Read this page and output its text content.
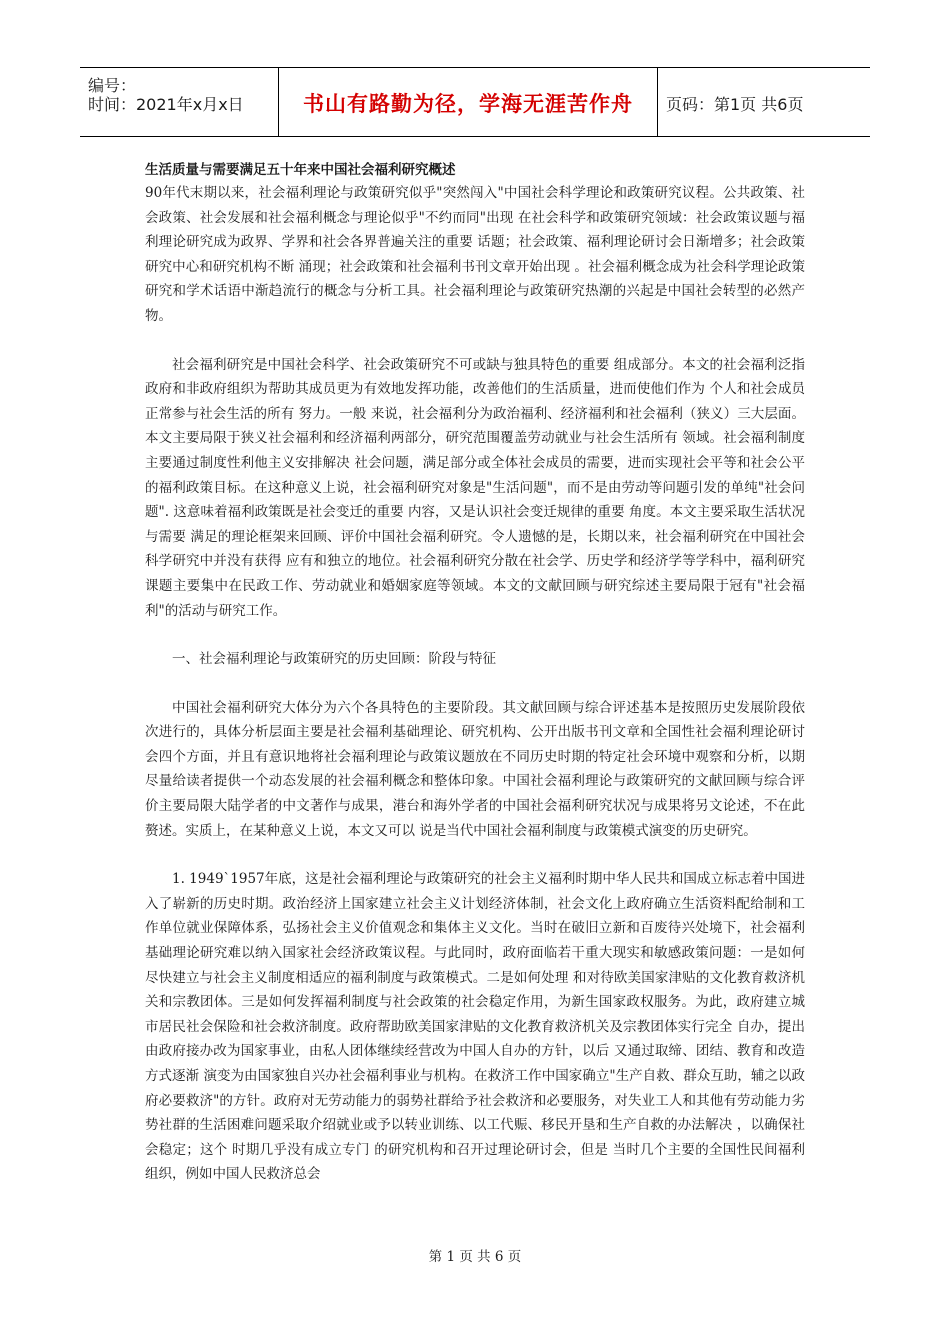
编号：
时间：2021年x月x日	书山有路勤为径，学海无涯苦作舟	页码：第1页 共6页

生活质量与需要满足五十年来中国社会福利研究概述

90年代末期以来，社会福利理论与政策研究似乎"突然闯入"中国社会科学理论和政策研究议程。公共政策、社会政策、社会发展和社会福利概念与理论似乎"不约而同"出现 在社会科学和政策研究领域：社会政策议题与福利理论研究成为政界、学界和社会各界普遍关注的重要 话题；社会政策、福利理论研讨会日渐增多；社会政策研究中心和研究机构不断 涌现；社会政策和社会福利书刊文章开始出现 。社会福利概念成为社会科学理论政策研究和学术话语中渐趋流行的概念与分析工具。社会福利理论与政策研究热潮的兴起是中国社会转型的必然产物。

社会福利研究是中国社会科学、社会政策研究不可或缺与独具特色的重要 组成部分。本文的社会福利泛指政府和非政府组织为帮助其成员更为有效地发挥功能，改善他们的生活质量，进而使他们作为 个人和社会成员正常参与社会生活的所有 努力。一般 来说，社会福利分为政治福利、经济福利和社会福利（狭义）三大层面。本文主要局限于狭义社会福利和经济福利两部分，研究范围覆盖劳动就业与社会生活所有 领域。社会福利制度主要通过制度性利他主义安排解决 社会问题，满足部分或全体社会成员的需要，进而实现社会平等和社会公平的福利政策目标。在这种意义上说，社会福利研究对象是"生活问题"，而不是由劳动等问题引发的单纯"社会问题". 这意味着福利政策既是社会变迁的重要 内容，又是认识社会变迁规律的重要 角度。本文主要采取生活状况与需要 满足的理论框架来回顾、评价中国社会福利研究。令人遗憾的是，长期以来，社会福利研究在中国社会科学研究中并没有获得 应有和独立的地位。社会福利研究分散在社会学、历史学和经济学等学科中，福利研究课题主要集中在民政工作、劳动就业和婚姻家庭等领域。本文的文献回顾与研究综述主要局限于冠有"社会福利"的活动与研究工作。

一、社会福利理论与政策研究的历史回顾：阶段与特征

中国社会福利研究大体分为六个各具特色的主要阶段。其文献回顾与综合评述基本是按照历史发展阶段依次进行的，具体分析层面主要是社会福利基础理论、研究机构、公开出版书刊文章和全国性社会福利理论研讨会四个方面，并且有意识地将社会福利理论与政策议题放在不同历史时期的特定社会环境中观察和分析，以期尽量给读者提供一个动态发展的社会福利概念和整体印象。中国社会福利理论与政策研究的文献回顾与综合评价主要局限大陆学者的中文著作与成果，港台和海外学者的中国社会福利研究状况与成果将另文论述，不在此赘述。实质上，在某种意义上说，本文又可以 说是当代中国社会福利制度与政策模式演变的历史研究。

1. 1949`1957年底，这是社会福利理论与政策研究的社会主义福利时期中华人民共和国成立标志着中国进入了崭新的历史时期。政治经济上国家建立社会主义计划经济体制，社会文化上政府确立生活资料配给制和工作单位就业保障体系，弘扬社会主义价值观念和集体主义文化。当时在破旧立新和百废待兴处境下，社会福利基础理论研究难以纳入国家社会经济政策议程。与此同时，政府面临若干重大现实和敏感政策问题：一是如何尽快建立与社会主义制度相适应的福利制度与政策模式。二是如何处理 和对待欧美国家津贴的文化教育救济机关和宗教团体。三是如何发挥福利制度与社会政策的社会稳定作用，为新生国家政权服务。为此，政府建立城市居民社会保险和社会救济制度。政府帮助欧美国家津贴的文化教育救济机关及宗教团体实行完全 自办，提出由政府接办改为国家事业，由私人团体继续经营改为中国人自办的方针，以后 又通过取缔、团结、教育和改造方式逐渐 演变为由国家独自兴办社会福利事业与机构。在救济工作中国家确立"生产自救、群众互助，辅之以政府必要救济"的方针。政府对无劳动能力的弱势社群给予社会救济和必要服务，对失业工人和其他有劳动能力劣势社群的生活困难问题采取介绍就业或予以转业训练、以工代赈、移民开垦和生产自救的办法解决 ，以确保社会稳定；这个 时期几乎没有成立专门 的研究机构和召开过理论研讨会，但是 当时几个主要的全国性民间福利组织，例如中国人民救济总会

第 1 页 共 6 页
